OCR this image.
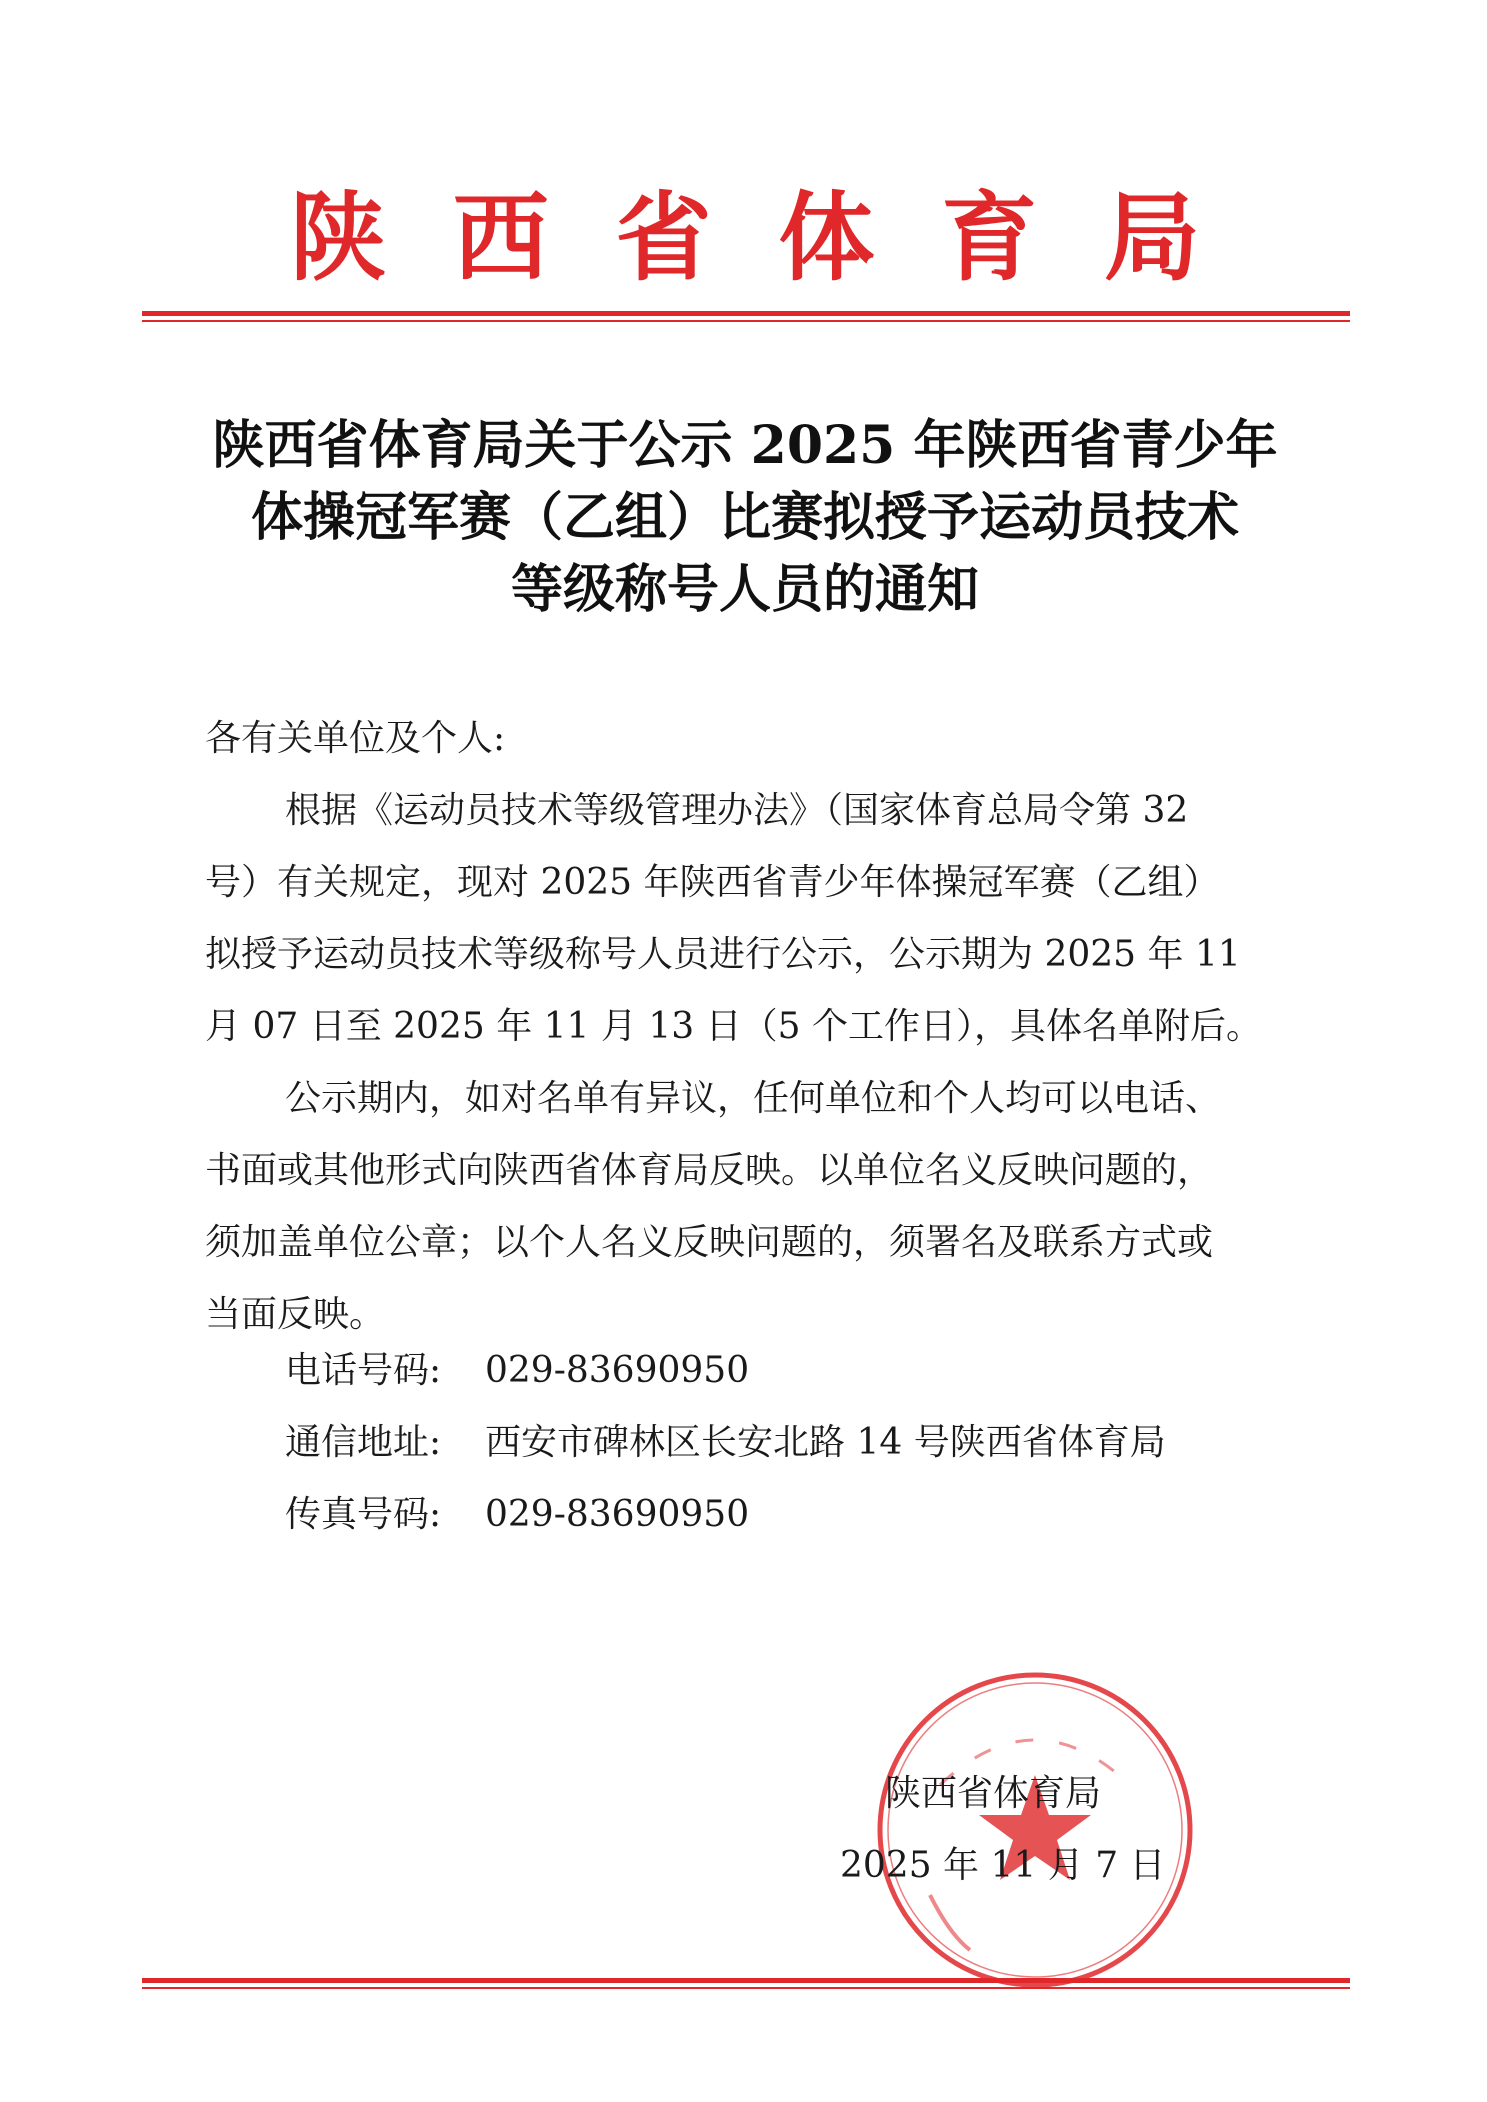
陕 西 省 体 育 局
陕西省体育局关于公示 2025 年陕西省青少年
体操冠军赛（乙组）比赛拟授予运动员技术
等级称号人员的通知
各有关单位及个人:
根据《运动员技术等级管理办法》（国家体育总局令第 32
号）有关规定，现对 2025 年陕西省青少年体操冠军赛（乙组）
拟授予运动员技术等级称号人员进行公示，公示期为 2025 年 11
月 07 日至 2025 年 11 月 13 日（5 个工作日），具体名单附后。
公示期内，如对名单有异议，任何单位和个人均可以电话、
书面或其他形式向陕西省体育局反映。以单位名义反映问题的，
须加盖单位公章；以个人名义反映问题的，须署名及联系方式或
当面反映。
电话号码: 029-83690950
通信地址: 西安市碑林区长安北路 14 号陕西省体育局
传真号码: 029-83690950
陕西省体育局
2025 年 11 月 7 日
